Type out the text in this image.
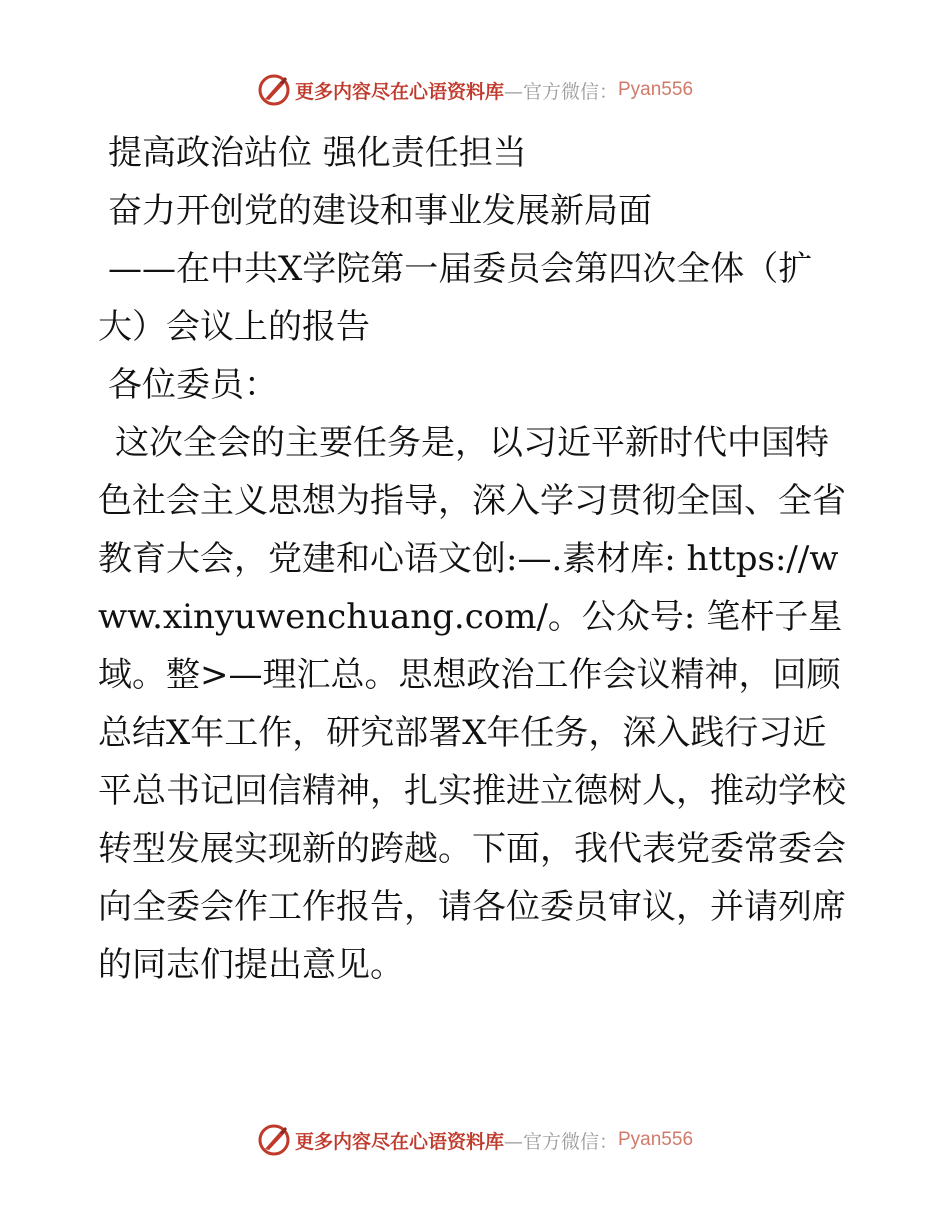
更多内容尽在心语资料库 —官方微信： Pyan556

提高政治站位 强化责任担当

奋力开创党的建设和事业发展新局面

——在中共X学院第一届委员会第四次全体（扩大）会议上的报告

各位委员：

这次全会的主要任务是，以习近平新时代中国特色社会主义思想为指导，深入学习贯彻全国、全省教育大会，党建和心语文创:—.素材库: https://www.xinyuwenchuang.com/。公众号: 笔杆子星域。整>—理汇总。思想政治工作会议精神，回顾总结X年工作，研究部署X年任务，深入践行习近平总书记回信精神，扎实推进立德树人，推动学校转型发展实现新的跨越。下面，我代表党委常委会向全委会作工作报告，请各位委员审议，并请列席的同志们提出意见。

更多内容尽在心语资料库 —官方微信： Pyan556
